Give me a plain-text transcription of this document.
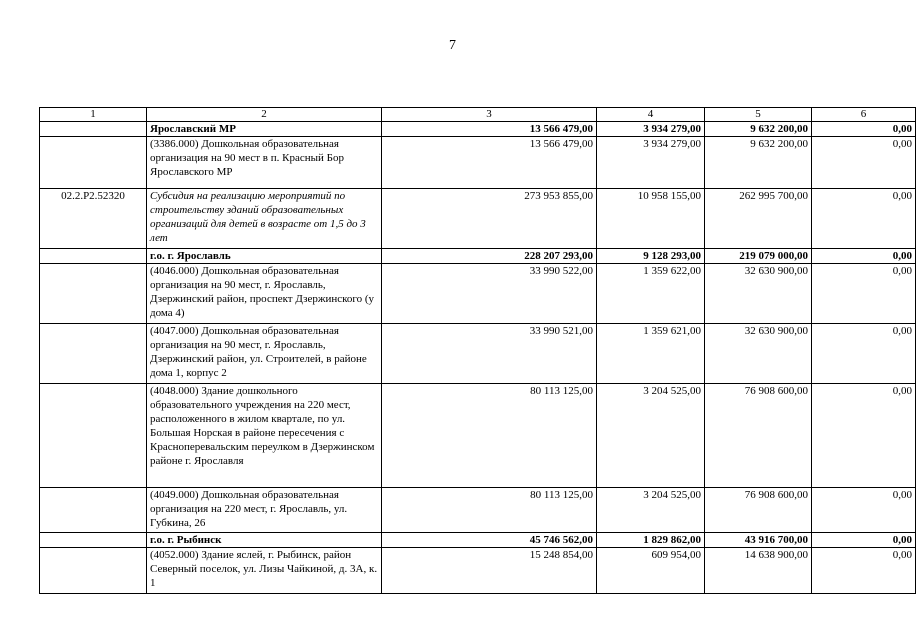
7
1	2	3	4	5	6
	Ярославский МР	13 566 479,00	3 934 279,00	9 632 200,00	0,00
	(3386.000) Дошкольная образовательная организация на 90 мест в п. Красный Бор Ярославского МР	13 566 479,00	3 934 279,00	9 632 200,00	0,00
02.2.Р2.52320	Субсидия на реализацию мероприятий по строительству зданий образовательных организаций для детей в возрасте от 1,5 до 3 лет	273 953 855,00	10 958 155,00	262 995 700,00	0,00
	г.о. г. Ярославль	228 207 293,00	9 128 293,00	219 079 000,00	0,00
	(4046.000) Дошкольная образовательная организация на 90 мест, г. Ярославль, Дзержинский район, проспект Дзержинского (у дома 4)	33 990 522,00	1 359 622,00	32 630 900,00	0,00
	(4047.000) Дошкольная образовательная организация на 90 мест, г. Ярославль, Дзержинский район, ул. Строителей, в районе дома 1, корпус 2	33 990 521,00	1 359 621,00	32 630 900,00	0,00
	(4048.000) Здание дошкольного образовательного учреждения на 220 мест, расположенного в жилом квартале, по ул. Большая Норская в районе пересечения с Красноперевальским переулком в Дзержинском районе г. Ярославля	80 113 125,00	3 204 525,00	76 908 600,00	0,00
	(4049.000) Дошкольная образовательная организация на 220 мест, г. Ярославль, ул. Губкина, 26	80 113 125,00	3 204 525,00	76 908 600,00	0,00
	г.о. г. Рыбинск	45 746 562,00	1 829 862,00	43 916 700,00	0,00
	(4052.000) Здание яслей, г. Рыбинск, район Северный поселок, ул. Лизы Чайкиной, д. 3А, к. 1	15 248 854,00	609 954,00	14 638 900,00	0,00
